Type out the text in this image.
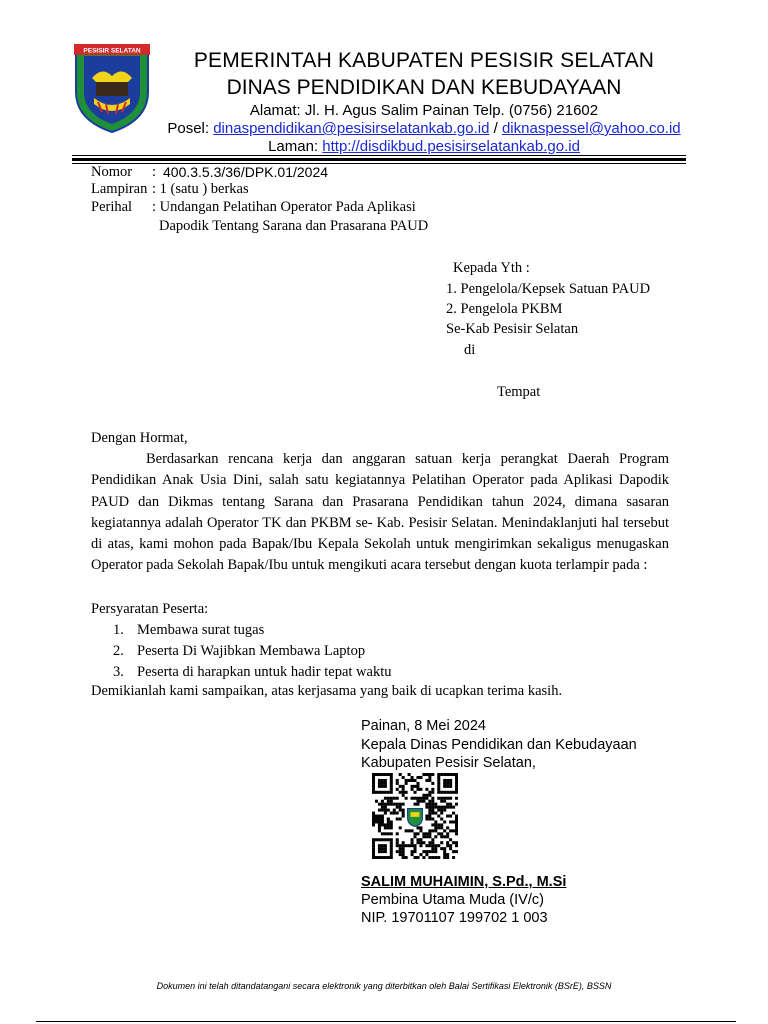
PESISIR SELATAN	PEMERINTAH KABUPATEN PESISIR SELATAN
DINAS PENDIDIKAN DAN KEBUDAYAAN
Alamat: Jl. H. Agus Salim Painan Telp. (0756) 21602
Posel: dinaspendidikan@pesisirselatankab.go.id / diknaspessel@yahoo.co.id
Laman: http://disdikbud.pesisirselatankab.go.id
Nomor : 400.3.5.3/36/DPK.01/2024
Lampiran : 1 (satu ) berkas
Perihal : Undangan Pelatihan Operator Pada Aplikasi
Dapodik Tentang Sarana dan Prasarana PAUD
Kepada Yth :
1. Pengelola/Kepsek Satuan PAUD
2. Pengelola PKBM
Se-Kab Pesisir Selatan
di
Tempat
Dengan Hormat,
Berdasarkan rencana kerja dan anggaran satuan kerja perangkat Daerah Program Pendidikan Anak Usia Dini, salah satu kegiatannya Pelatihan Operator pada Aplikasi Dapodik PAUD dan Dikmas tentang Sarana dan Prasarana Pendidikan tahun 2024, dimana sasaran kegiatannya adalah Operator TK dan PKBM se- Kab. Pesisir Selatan. Menindaklanjuti hal tersebut di atas, kami mohon pada Bapak/Ibu Kepala Sekolah untuk mengirimkan sekaligus menugaskan Operator pada Sekolah Bapak/Ibu untuk mengikuti acara tersebut dengan kuota terlampir pada :
Persyaratan Peserta:
1. Membawa surat tugas
2. Peserta Di Wajibkan Membawa Laptop
3. Peserta di harapkan untuk hadir tepat waktu
Demikianlah kami sampaikan, atas kerjasama yang baik di ucapkan terima kasih.
Painan, 8 Mei 2024
Kepala Dinas Pendidikan dan Kebudayaan
Kabupaten Pesisir Selatan,
SALIM MUHAIMIN, S.Pd., M.Si
Pembina Utama Muda (IV/c)
NIP. 19701107 199702 1 003
Dokumen ini telah ditandatangani secara elektronik yang diterbitkan oleh Balai Sertifikasi Elektronik (BSrE), BSSN
